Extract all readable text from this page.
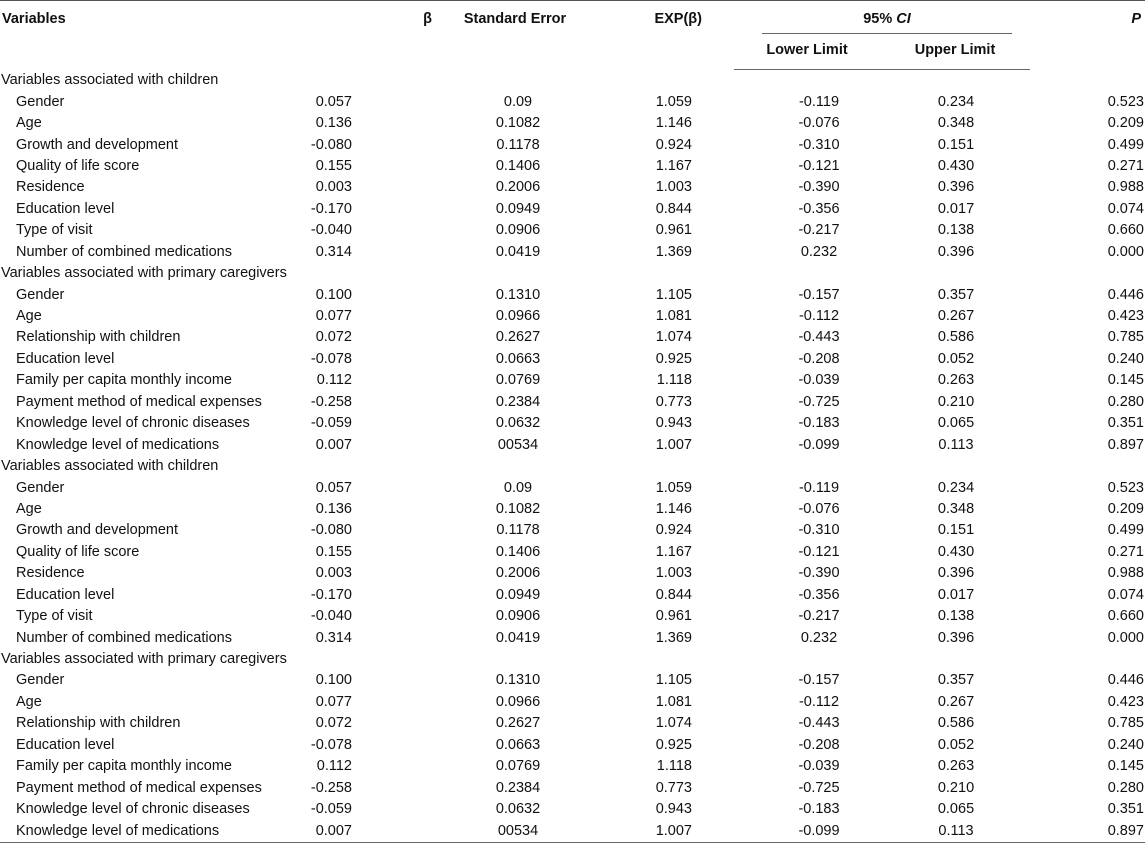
Variables	β	Standard Error	EXP(β)	95% CI		P
				Lower Limit	Upper Limit	
Variables associated with children						
Gender	0.057	0.09	1.059	-0.119	0.234	0.523
Age	0.136	0.1082	1.146	-0.076	0.348	0.209
Growth and development	-0.080	0.1178	0.924	-0.310	0.151	0.499
Quality of life score	0.155	0.1406	1.167	-0.121	0.430	0.271
Residence	0.003	0.2006	1.003	-0.390	0.396	0.988
Education level	-0.170	0.0949	0.844	-0.356	0.017	0.074
Type of visit	-0.040	0.0906	0.961	-0.217	0.138	0.660
Number of combined medications	0.314	0.0419	1.369	0.232	0.396	0.000
Variables associated with primary caregivers						
Gender	0.100	0.1310	1.105	-0.157	0.357	0.446
Age	0.077	0.0966	1.081	-0.112	0.267	0.423
Relationship with children	0.072	0.2627	1.074	-0.443	0.586	0.785
Education level	-0.078	0.0663	0.925	-0.208	0.052	0.240
Family per capita monthly income	0.112	0.0769	1.118	-0.039	0.263	0.145
Payment method of medical expenses	-0.258	0.2384	0.773	-0.725	0.210	0.280
Knowledge level of chronic diseases	-0.059	0.0632	0.943	-0.183	0.065	0.351
Knowledge level of medications	0.007	00534	1.007	-0.099	0.113	0.897
Variables associated with children						
Gender	0.057	0.09	1.059	-0.119	0.234	0.523
Age	0.136	0.1082	1.146	-0.076	0.348	0.209
Growth and development	-0.080	0.1178	0.924	-0.310	0.151	0.499
Quality of life score	0.155	0.1406	1.167	-0.121	0.430	0.271
Residence	0.003	0.2006	1.003	-0.390	0.396	0.988
Education level	-0.170	0.0949	0.844	-0.356	0.017	0.074
Type of visit	-0.040	0.0906	0.961	-0.217	0.138	0.660
Number of combined medications	0.314	0.0419	1.369	0.232	0.396	0.000
Variables associated with primary caregivers						
Gender	0.100	0.1310	1.105	-0.157	0.357	0.446
Age	0.077	0.0966	1.081	-0.112	0.267	0.423
Relationship with children	0.072	0.2627	1.074	-0.443	0.586	0.785
Education level	-0.078	0.0663	0.925	-0.208	0.052	0.240
Family per capita monthly income	0.112	0.0769	1.118	-0.039	0.263	0.145
Payment method of medical expenses	-0.258	0.2384	0.773	-0.725	0.210	0.280
Knowledge level of chronic diseases	-0.059	0.0632	0.943	-0.183	0.065	0.351
Knowledge level of medications	0.007	00534	1.007	-0.099	0.113	0.897
